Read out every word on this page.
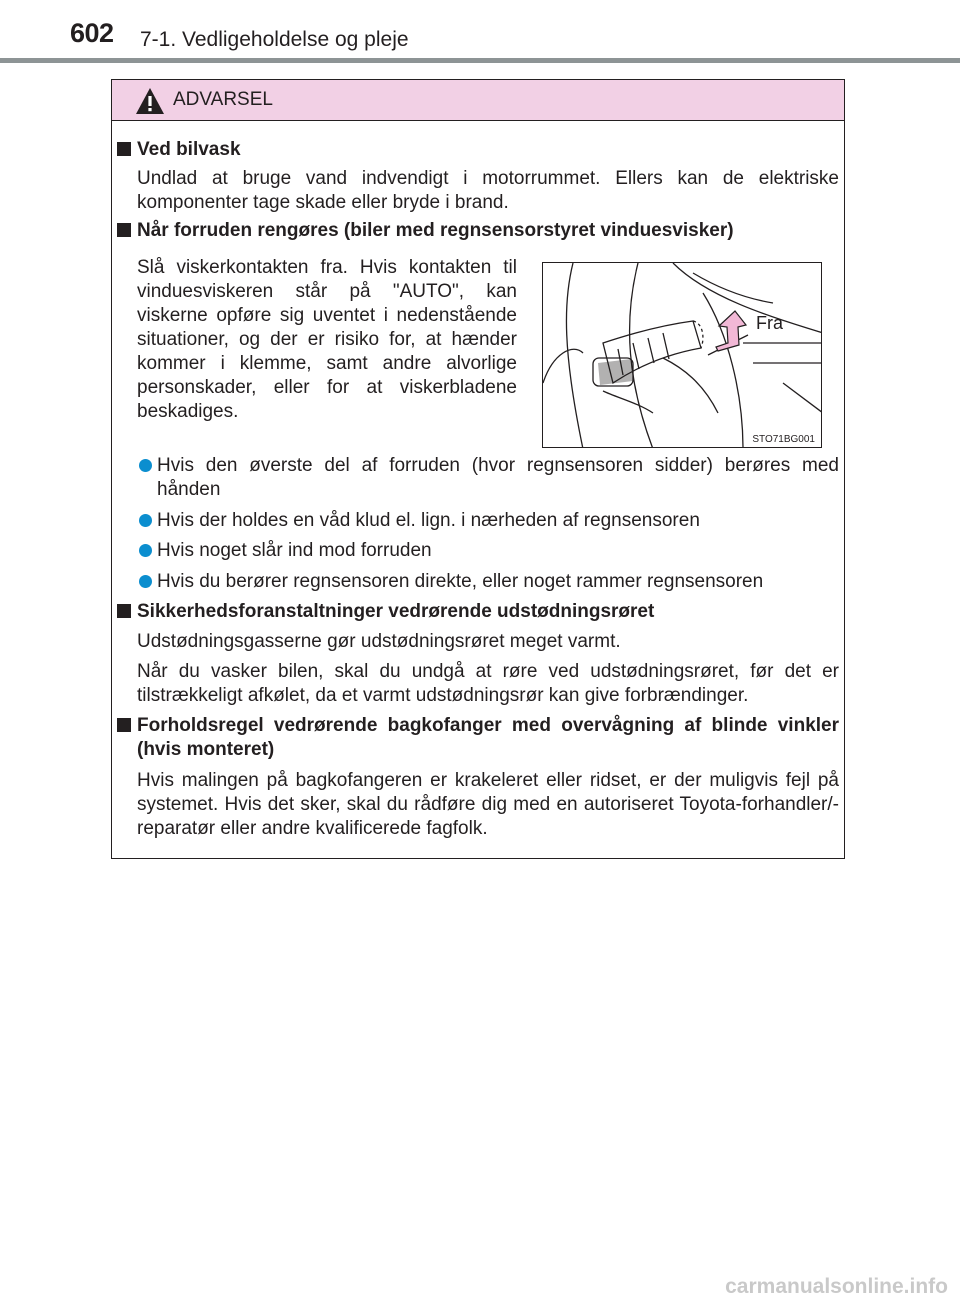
602 7-1. Vedligeholdelse og pleje
ADVARSEL
Ved bilvask
Undlad at bruge vand indvendigt i motorrummet. Ellers kan de elektriske komponenter tage skade eller bryde i brand.
Når forruden rengøres (biler med regnsensorstyret vinduesvisker)
Slå viskerkontakten fra. Hvis kontakten til vinduesviskeren står på "AUTO", kan viskerne opføre sig uventet i nedenstående situationer, og der er risiko for, at hænder kommer i klemme, samt andre alvorlige personskader, eller for at viskerbladene beskadiges.
Fra
STO71BG001
Hvis den øverste del af forruden (hvor regnsensoren sidder) berøres med hånden
Hvis der holdes en våd klud el. lign. i nærheden af regnsensoren
Hvis noget slår ind mod forruden
Hvis du berører regnsensoren direkte, eller noget rammer regnsensoren
Sikkerhedsforanstaltninger vedrørende udstødningsrøret
Udstødningsgasserne gør udstødningsrøret meget varmt.
Når du vasker bilen, skal du undgå at røre ved udstødningsrøret, før det er tilstrækkeligt afkølet, da et varmt udstødningsrør kan give forbrændinger.
Forholdsregel vedrørende bagkofanger med overvågning af blinde vinkler (hvis monteret)
Hvis malingen på bagkofangeren er krakeleret eller ridset, er der muligvis fejl på systemet. Hvis det sker, skal du rådføre dig med en autoriseret Toyota-forhandler/-reparatør eller andre kvalificerede fagfolk.
carmanualsonline.info
